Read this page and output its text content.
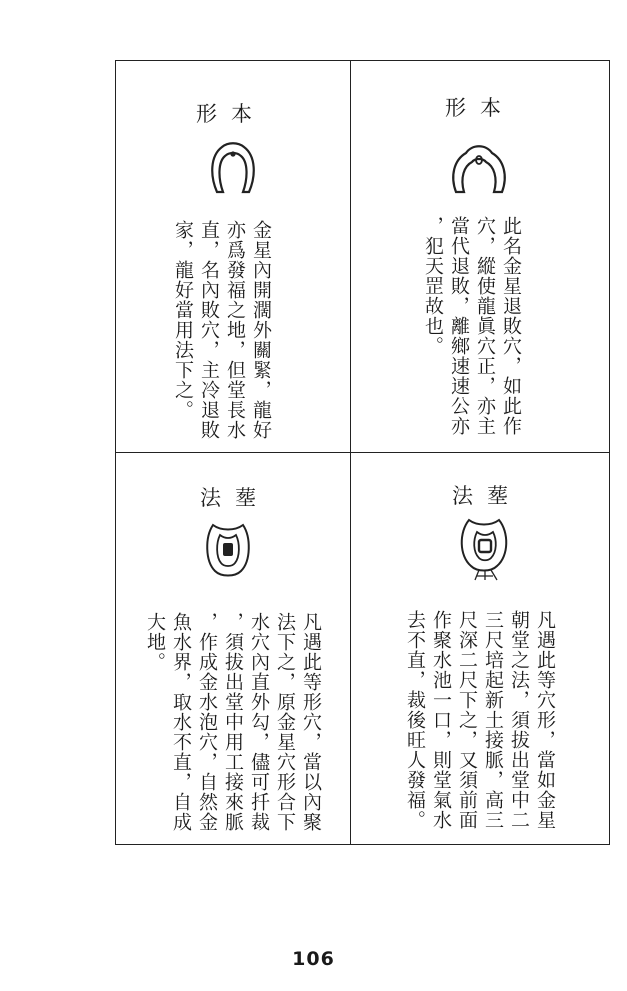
形本
金星內開濶外關緊，龍好
亦爲發福之地，但堂長水
直，名內敗穴，主冷退敗
家，龍好當用法下之。
形本
此名金星退敗穴，如此作
穴，縱使龍眞穴正，亦主
當代退敗，離鄉速速公亦
，犯天罡故也。
法塟
凡遇此等形穴，當以內聚
法下之，原金星穴形合下
水穴內直外勾，儘可扦裁
，須拔出堂中用工接來脈
，作成金水泡穴，自然金
魚水界，取水不直，自成
大地。
法塟
凡遇此等穴形，當如金星
朝堂之法，須拔出堂中二
三尺培起新土接脈，高三
尺深二尺下之，又須前面
作聚水池一口，則堂氣水
去不直，裁後旺人發福。
106
